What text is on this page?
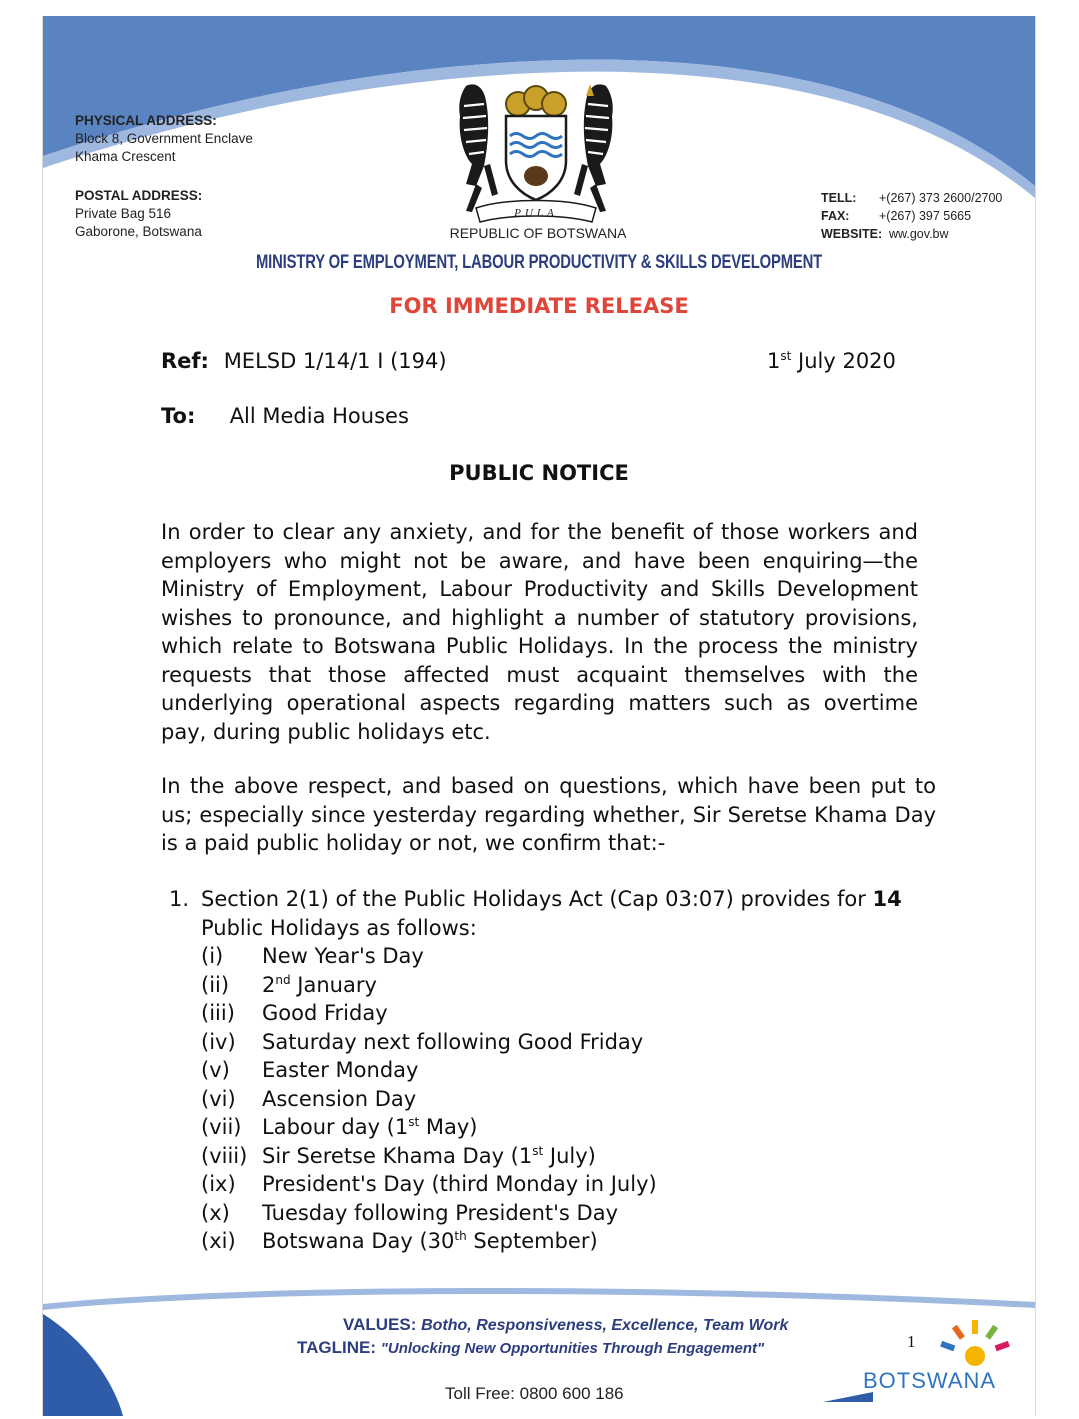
PHYSICAL ADDRESS:
Block 8, Government Enclave
Khama Crescent
POSTAL ADDRESS:
Private Bag 516
Gaborone, Botswana
PULA
REPUBLIC OF BOTSWANA
TELL: +(267) 373 2600/2700
FAX: +(267) 397 5665
WEBSITE: ww.gov.bw
MINISTRY OF EMPLOYMENT, LABOUR PRODUCTIVITY & SKILLS DEVELOPMENT
FOR IMMEDIATE RELEASE
Ref: MELSD 1/14/1 I (194)	1st July 2020
To: All Media Houses
PUBLIC NOTICE
In order to clear any anxiety, and for the benefit of those workers and employers who might not be aware, and have been enquiring—the Ministry of Employment, Labour Productivity and Skills Development wishes to pronounce, and highlight a number of statutory provisions, which relate to Botswana Public Holidays. In the process the ministry requests that those affected must acquaint themselves with the underlying operational aspects regarding matters such as overtime pay, during public holidays etc.
In the above respect, and based on questions, which have been put to us; especially since yesterday regarding whether, Sir Seretse Khama Day is a paid public holiday or not, we confirm that:-
1. Section 2(1) of the Public Holidays Act (Cap 03:07) provides for 14
Public Holidays as follows:
(i) New Year's Day
(ii) 2nd January
(iii) Good Friday
(iv) Saturday next following Good Friday
(v) Easter Monday
(vi) Ascension Day
(vii) Labour day (1st May)
(viii) Sir Seretse Khama Day (1st July)
(ix) President's Day (third Monday in July)
(x) Tuesday following President's Day
(xi) Botswana Day (30th September)
VALUES: Botho, Responsiveness, Excellence, Team Work
TAGLINE: "Unlocking New Opportunities Through Engagement"	1
Toll Free: 0800 600 186
BOTSWANA
